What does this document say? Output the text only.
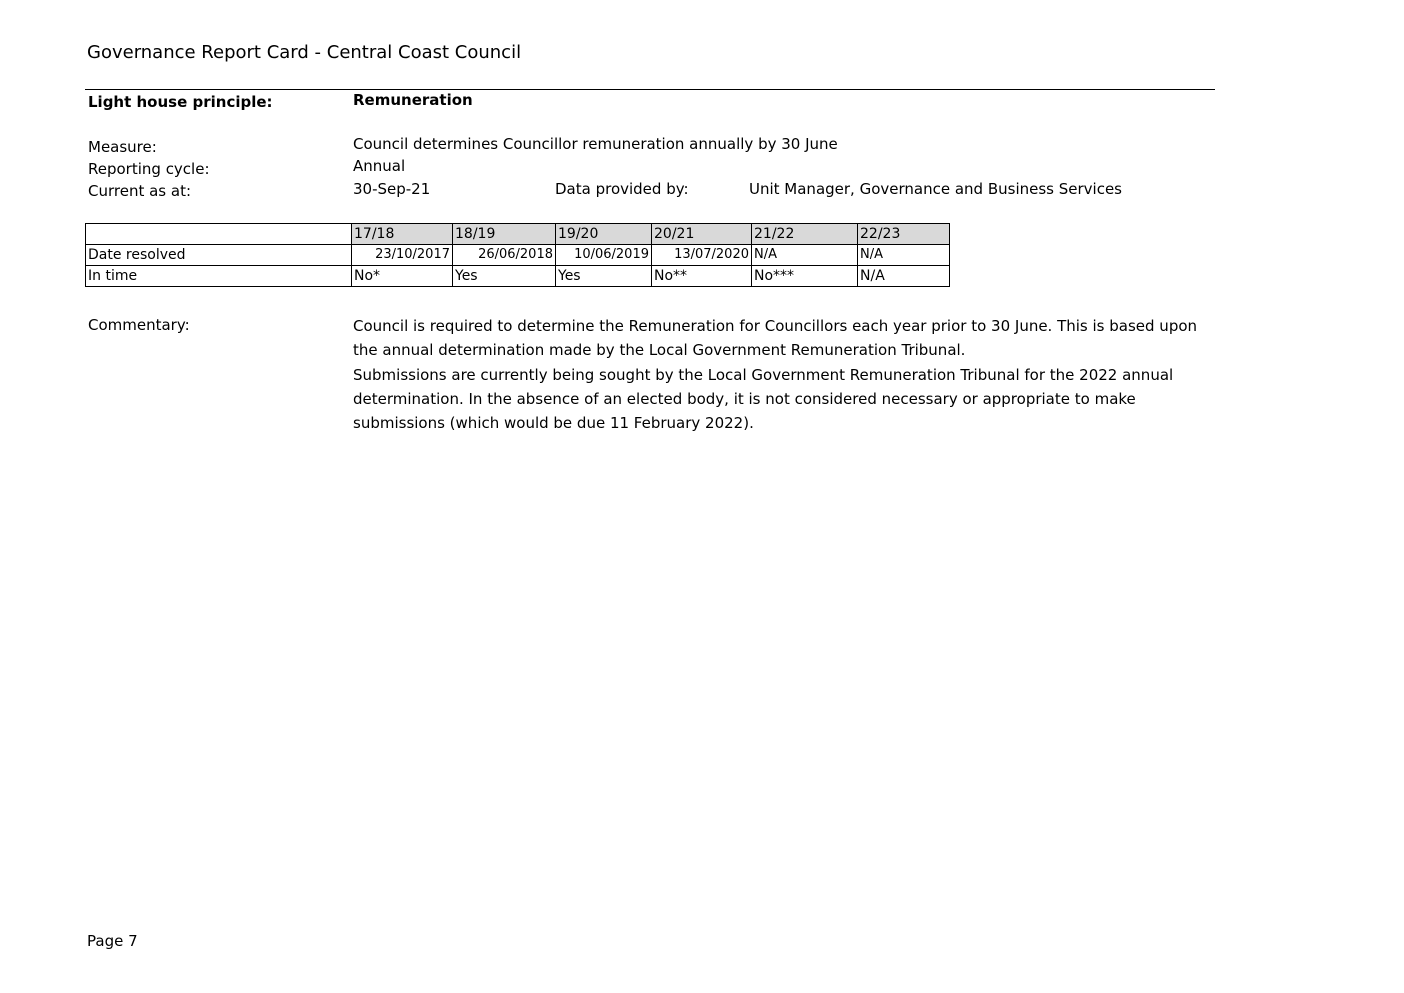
Governance Report Card - Central Coast Council
Light house principle:	Remuneration
Measure:	Council determines Councillor remuneration annually by 30 June
Reporting cycle:	Annual
Current as at:	30-Sep-21	Data provided by:	Unit Manager, Governance and Business Services
	17/18	18/19	19/20	20/21	21/22	22/23
Date resolved	23/10/2017	26/06/2018	10/06/2019	13/07/2020	N/A	N/A
In time	No*	Yes	Yes	No**	No***	N/A
Commentary:	Council is required to determine the Remuneration for Councillors each year prior to 30 June. This is based upon the annual determination made by the Local Government Remuneration Tribunal.

Submissions are currently being sought by the Local Government Remuneration Tribunal for the 2022 annual determination. In the absence of an elected body, it is not considered necessary or appropriate to make submissions (which would be due 11 February 2022).

Page 7
